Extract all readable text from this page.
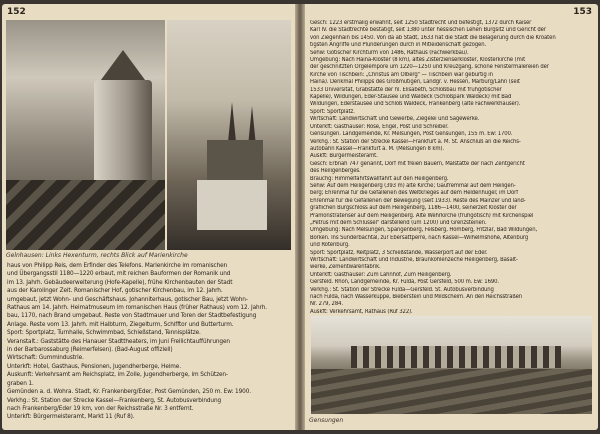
152
Gelnhausen: Links Hexenturm, rechts Blick auf Marienkirche

haus von Philipp Reis, dem Erfinder des Telefons. Marienkirche im romanischen

und Übergangsstil 1180—1220 erbaut, mit reichen Bauformen der Romanik und

im 13. Jahrh. Gebäudeerweiterung (Hofe-Kapelle), frühe Kirchenbauten der Stadt

aus der Karolinger Zeit. Romanischer Hof, gotischer Kirchenbau, im 12. Jahrh.

umgebaut, jetzt Wohn- und Geschäftshaus. Johanniterhaus, gotischer Bau, jetzt Wohn-

Rathaus am 14. Jahrh. Heimatmuseum im romanischen Haus (früher Rathaus) vom 12. Jahrh.

bau, 1170, nach Brand umgebaut. Reste von Stadtmauer und Toren der Stadtbefestigung

Anlage. Reste vom 13. Jahrh. mit Halbturm, Ziegelturm, Schifftor und Butterturm.

Sport: Sportplatz, Turnhalle, Schwimmbad, Schießstand, Tennisplätze.

Veranstalt.: Gaststätte des Hanauer Stadttheaters, im Juni Freilichtaufführungen

in der Barbarossaburg (Reimerfelsen). (Bad-August offiziell)

Wirtschaft: Gummindustrie.

Unterkft: Hotel, Gasthaus, Pensionen, Jugendherberge, Heime.

Auskunft: Verkehrsamt am Reichsplatz, im Zolle, Jugendherberge, im Schützen-

graben 1.

Gemünden a. d. Wohra. Stadt, Kr. Frankenberg/Eder, Post Gemünden, 250 m. Ew: 1900.

Verkhg.: St. Station der Strecke Kassel—Frankenberg, St. Autobusverbindung

nach Frankenberg/Eder 19 km, von der Reichsstraße Nr. 3 entfernt.

Unterkft: Bürgermeisteramt, Markt 11 (Ruf 8).

153

Gesch: 1223 erstmalig erwähnt, seit 1250 Stadtrecht und befestigt, 1372 durch Kaiser

Karl IV. die Stadtrechte bestätigt, seit 1380 unter hessischen Lehen Burgsitz und Gericht der

von Ziegenhain bis 1450. Von da ab Stadt, 1633 hat die Stadt die Belagerung durch die Kroaten

tigsten Angriffe und Plünderungen durch in Mitleidenschaft gezogen.

Sehw: Gotischer Kirchturm von 1486, Rathaus (Fachwerkbau).

Umgebung: Nach Haina-Kloster (8 km), altes Zisterzienserkloster, Klosterkirche (mit

der geschnitzten Orgelempore um 1220—1250 und Kreuzgang, schöne Fenstermalereien der

Kirche von Tischbein: „Christus am Ölberg" — Tischbein war gebürtig in

Haina). Denkmal Philipps des Großmütigen, Landgr. v. Hessen, Marburg/Lahn (seit

1533 Universität, Grabstätte der hl. Elisabeth, Schloßbau mit frühgotischer

Kapelle), Wildungen, Eder-Stausee und Waldeck (Schloßpark Waldeck) mit Bad

Wildungen, Ederstausee und Schloß Waldeck, Frankenberg (alte Fachwerkhäuser).

Sport: Sportplatz.

Wirtschaft: Landwirtschaft und Gewerbe, Ziegelei und Sägewerke.

Unterkft: Gasthäuser: Rose, Engel, Post und Schreiber.

Gensungen. Landgemeinde, Kr. Melsungen, Post Gensungen, 155 m. Ew: 1700.

Verkhg.: St. Station der Strecke Kassel—Frankfurt a. M. St. Anschluß an die Reichs-

autobahn Kassel—Frankfurt a. M. (Melsungen 8 km).

Auskft: Bürgermeisteramt.

Gesch: Erbnah 747 genannt, Dorf mit freien Bauern, Malstätte der nach Zentgericht

des Heiligenberges.

Brauchg: Himmelfahrtswallfahrt auf den Heiligenberg.

Sehw: Auf dem Heiligenberg (393 m) alte Kirche; Gaufremmal auf dem Heiligen-

berg; Ehrenmal für die Gefallenen des Weltkrieges auf dem Heldenhügel; im Dorf

Ehrenmal für die Gefallenen der Bewegung (seit 1933). Reste des Mainzer und land-

gräflichen Burgschloss auf dem Heiligenberg, 1186—1400, seinerzeit Kloster der

Prämonstratenser auf dem Heiligenberg. Alte Wehrkirche (frühgotisch) mit Kirchenspiel

„Petrus mit dem Schlüssel" darstellend (um 1200) und Grenzsteinen.

Umgebung: Nach Melsungen, Spangenberg, Felsberg, Homberg, Fritzlar, Bad Wildungen,

Borken. Ins Sunderbachtal, zur Ebersattperre, nach Kassel—Wilhelmshöhe, Altenburg

und Rotenburg.

Sport: Sportplatz, Reitplatz, 3 Schießstände, Wasserport auf der Eder.

Wirtschaft: Landwirtschaft und Industrie, Braunkohlenzeche Heiligenberg, Basalt-

werke, Zementwarenfabrik.

Unterkft: Gasthäuser: Zum Lahnhof, Zum Heiligenberg.

Gersfeld. Rhön, Landgemeinde, Kr. Fulda, Post Gersfeld, 500 m. Ew: 1690.

Verkhg.: St. Station der Strecke Fulda—Gersfeld. St. Autobusverbindung

nach Fulda, nach Wasserkuppe, Bieberstein und Mildscheim. An den Reichsstraßen

Nr. 279, 284.

Auskft: Verkehrsamt, Rathaus (Ruf 322).

Gensungen
